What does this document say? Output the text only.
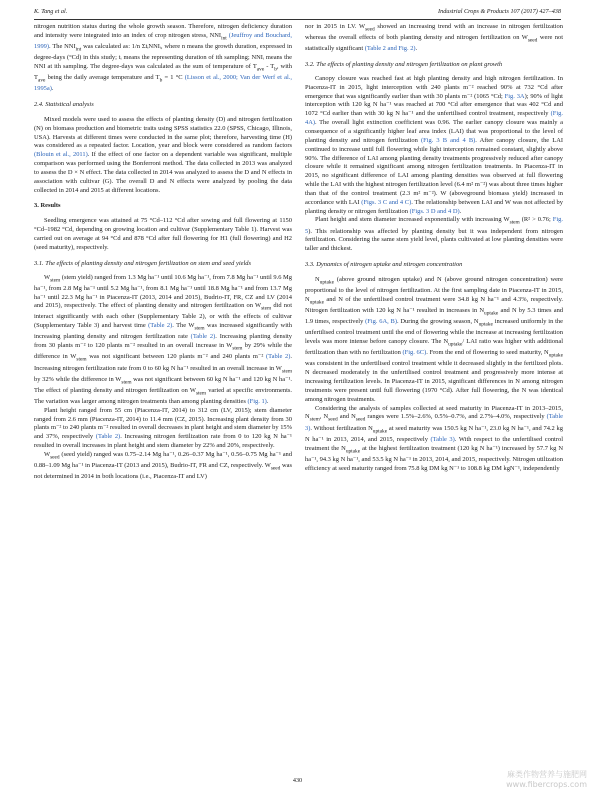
K. Tang et al.	Industrial Crops & Products 107 (2017) 427–438

nitrogen nutrition status during the whole growth season. Therefore, nitrogen deficiency duration and intensity were integrated into an index of crop nitrogen stress, $NNI_{int}$ (Jeuffroy and Bouchard, 1999). The $NNI_{int}$ was calculated as: 1/n ΣtᵢNNIᵢ, where n means the growth duration, expressed in degree-days (°Cd) in this study; tᵢ means the representing duration of ith sampling; NNIᵢ means the NNI at ith sampling. The degree-days was calculated as the sum of temperature of $T_{ave} - T_b$, with $T_{ave}$ being the daily average temperature and $T_b = 1$ °C (Lisson et al., 2000; Van der Werf et al., 1995a).

2.4. Statistical analysis

Mixed models were used to assess the effects of planting density (D) and nitrogen fertilization (N) on biomass production and biometric traits using SPSS statistics 22.0 (SPSS, Chicago, Illinois, USA). Harvests at different times were conducted in the same plot; therefore, harvesting time (H) was considered as a repeated factor. Location, year and block were considered as random factors (Blouin et al., 2011). If the effect of one factor on a dependent variable was significant, multiple comparison was performed using the Bonferroni method. The data collected in 2013 was analyzed to assess the D × N effect. The data collected in 2014 was analyzed to assess the D and N effects in association with cultivar (G). The overall D and N effects were analyzed by pooling the data collected in 2014 and 2015 at different locations.

3. Results

Seedling emergence was attained at 75 °Cd–112 °Cd after sowing and full flowering at 1150 °Cd–1982 °Cd, depending on growing location and cultivar (Supplementary Table 1). Harvest was carried out on average at 94 °Cd and 878 °Cd after full flowering for H1 (full flowering) and H2 (seed maturity), respectively.

3.1. The effects of planting density and nitrogen fertilization on stem and seed yields

$W_{stem}$ (stem yield) ranged from 1.3 Mg ha⁻¹ until 10.6 Mg ha⁻¹, from 7.8 Mg ha⁻¹ until 9.6 Mg ha⁻¹, from 2.8 Mg ha⁻¹ until 5.2 Mg ha⁻¹, from 8.1 Mg ha⁻¹ until 18.8 Mg ha⁻¹ and from 13.7 Mg ha⁻¹ until 22.3 Mg ha⁻¹ in Piacenza-IT (2013, 2014 and 2015), Budrio-IT, FR, CZ and LV (2014 and 2015), respectively. The effect of planting density and nitrogen fertilization on $W_{stem}$ did not interact significantly with each other (Supplementary Table 2), or with the effects of cultivar (Supplementary Table 3) and harvest time (Table 2). The $W_{stem}$ was increased significantly with increasing planting density and nitrogen fertilization rate (Table 2). Increasing planting density from 30 plants m⁻² to 120 plants m⁻² resulted in an overall increase in $W_{stem}$ by 29% while the difference in $W_{stem}$ was not significant between 120 plants m⁻² and 240 plants m⁻² (Table 2). Increasing nitrogen fertilization rate from 0 to 60 kg N ha⁻¹ resulted in an overall increase in $W_{stem}$ by 32% while the difference in $W_{stem}$ was not significant between 60 kg N ha⁻¹ and 120 kg N ha⁻¹. The effect of planting density and nitrogen fertilization on $W_{stem}$ varied at specific environments. The variation was larger among nitrogen treatments than among planting densities (Fig. 1).

Plant height ranged from 55 cm (Piacenza-IT, 2014) to 312 cm (LV, 2015); stem diameter ranged from 2.6 mm (Piacenza-IT, 2014) to 11.4 mm (CZ, 2015). Increasing plant density from 30 plants m⁻² to 240 plants m⁻² resulted in overall decreases in plant height and stem diameter by 15% and 37%, respectively (Table 2). Increasing nitrogen fertilization rate from 0 to 120 kg N ha⁻¹ resulted in overall increases in plant height and stem diameter by 22% and 20%, respectively.

$W_{seed}$ (seed yield) ranged was 0.75–2.14 Mg ha⁻¹, 0.26–0.37 Mg ha⁻¹, 0.56–0.75 Mg ha⁻¹ and 0.88–1.09 Mg ha⁻¹ in Piacenza-IT (2013 and 2015), Budrio-IT, FR and CZ, respectively. $W_{seed}$ was not determined in 2014 in both locations (i.e., Piacenza-IT and LV)

nor in 2015 in LV. $W_{seed}$ showed an increasing trend with an increase in nitrogen fertilization whereas the overall effects of both planting density and nitrogen fertilization on $W_{seed}$ were not statistically significant (Table 2 and Fig. 2).

3.2. The effects of planting density and nitrogen fertilization on plant growth

Canopy closure was reached fast at high planting density and high nitrogen fertilization. In Piacenza-IT in 2015, light interception with 240 plants m⁻² reached 90% at 732 °Cd after emergence that was significantly earlier than with 30 plants m⁻² (1065 °Cd; Fig. 3A); 90% of light interception with 120 kg N ha⁻¹ was reached at 700 °Cd after emergence that was 402 °Cd and 1072 °Cd earlier than with 30 kg N ha⁻¹ and the unfertilised control treatment, respectively (Fig. 4A). The overall light extinction coefficient was 0.96. The earlier canopy closure was mainly a consequence of a significantly higher leaf area index (LAI) that was proportional to the level of planting density and nitrogen fertilization (Fig. 3 B and 4 B). After canopy closure, the LAI continued to increase until full flowering while light interception remained constant, slightly above 90%. The difference of LAI among planting density treatments progressively reduced after canopy closure while it remained significant among nitrogen fertilization treatments. In Piacenza-IT in 2015, no significant difference of LAI among planting densities was observed at full flowering while the LAI with the highest nitrogen fertilization level (6.4 m² m⁻²) was about three times higher than that of the control treatment (2.3 m² m⁻²). W (aboveground biomass yield) increased in accordance with LAI (Figs. 3 C and 4 C). The relationship between LAI and W was not affected by planting density or nitrogen fertilization (Figs. 3 D and 4 D).

Plant height and stem diameter increased exponentially with increasing $W_{stem}$ (R² > 0.76; Fig. 5). This relationship was affected by planting density but it was independent from nitrogen fertilization. Considering the same stem yield level, plants cultivated at low planting densities were taller and thickest.

3.3. Dynamics of nitrogen uptake and nitrogen concentration

$N_{uptake}$ (above ground nitrogen uptake) and N (above ground nitrogen concentration) were proportional to the level of nitrogen fertilization. At the first sampling date in Piacenza-IT in 2015, $N_{uptake}$ and N of the unfertilised control treatment were 34.8 kg N ha⁻¹ and 4.3%, respectively. Nitrogen fertilization with 120 kg N ha⁻¹ resulted in increases in $N_{uptake}$ and N by 5.3 times and 1.9 times, respectively (Fig. 6A, B). During the growing season, $N_{uptake}$ increased uniformly in the unfertilised control treatment until the end of flowering while the increase at increasing fertilization levels was more intense before canopy closure. The $N_{uptake}/$ LAI ratio was higher with additional fertilization than with no fertilization (Fig. 6C). From the end of flowering to seed maturity, $N_{uptake}$ was consistent in the unfertilised control treatment while it decreased slightly in the fertilized plots. N decreased moderately in the unfertilised control treatment and progressively more intense at increasing fertilization levels. In Piacenza-IT in 2015, significant differences in N among nitrogen treatments were present until full flowering (1970 °Cd). After full flowering, the N was identical among nitrogen treatments.

Considering the analysis of samples collected at seed maturity in Piacenza-IT in 2013–2015, $N_{stem}$, $N_{seed}$ and $N_{seed}$ ranges were 1.5%–2.6%, 0.5%–0.7%, and 2.7%–4.0%, respectively (Table 3). Without fertilization $N_{uptake}$ at seed maturity was 150.5 kg N ha⁻¹, 23.0 kg N ha⁻¹, and 74.2 kg N ha⁻¹ in 2013, 2014, and 2015, respectively (Table 3). With respect to the unfertilised control treatment the $N_{uptake}$ at the highest fertilization treatment (120 kg N ha⁻¹) increased by 57.7 kg N ha⁻¹, 94.3 kg N ha⁻¹, and 53.5 kg N ha⁻¹ in 2013, 2014, and 2015, respectively. Nitrogen utilization efficiency at seed maturity ranged from 75.8 kg DM kg N⁻¹ to 108.8 kg DM kgN⁻¹, independently

430
麻类作物营养与施肥网
www.fibercrops.com
